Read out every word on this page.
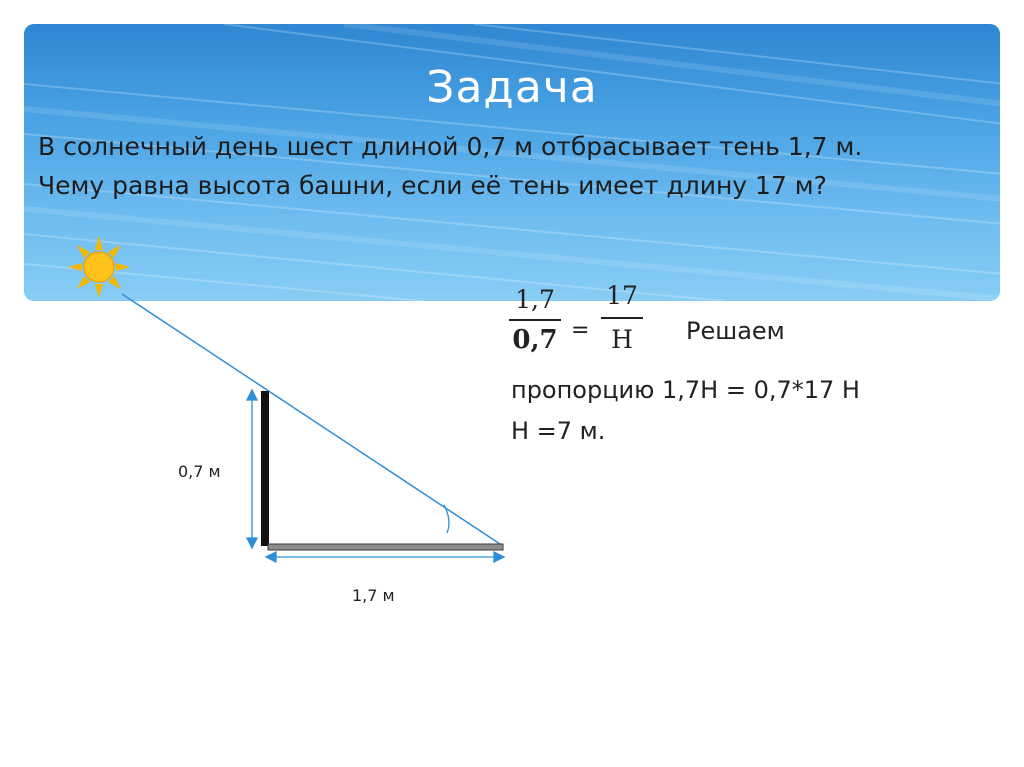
Задача
В солнечный день шест длиной 0,7 м отбрасывает тень 1,7 м.
Чему равна высота башни, если её тень имеет длину 17 м?
0,7 м
1,7 м
1,7
0,7 =
17
Н	Решаем
пропорцию 1,7Н = 0,7*17 Н
Н =7 м.
